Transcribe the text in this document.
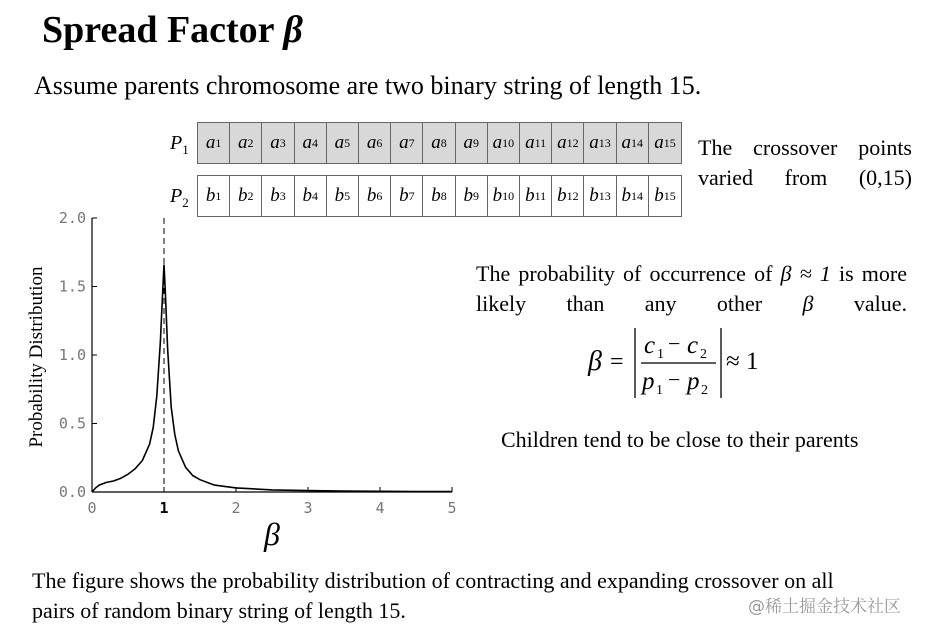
Spread Factor β
Assume parents chromosome are two binary string of length 15.
$P_1$
$P_2$
a 1 a 2 a 3 a 4 a 5 a 6 a 7 a 8 a 9 a 10 a 11 a 12 a 13 a 14 a 15
b 1 b 2 b 3 b 4 b 5 b 6 b 7 b 8 b 9 b 10 b 11 b 12 b 13 b 14 b 15
The crossover points varied from (0,15)
The probability of occurrence of β ≈ 1 is more likely than any other β value.
β =
c 1 − c 2
p 1 − p 2
≈ 1
Children tend to be close to their parents
0	1	2	3	4	5
0.0
0.5
1.0
1.5
2.0
Probability Distribution
β
The figure shows the probability distribution of contracting and expanding crossover on all pairs of random binary string of length 15.	@稀土掘金技术社区
